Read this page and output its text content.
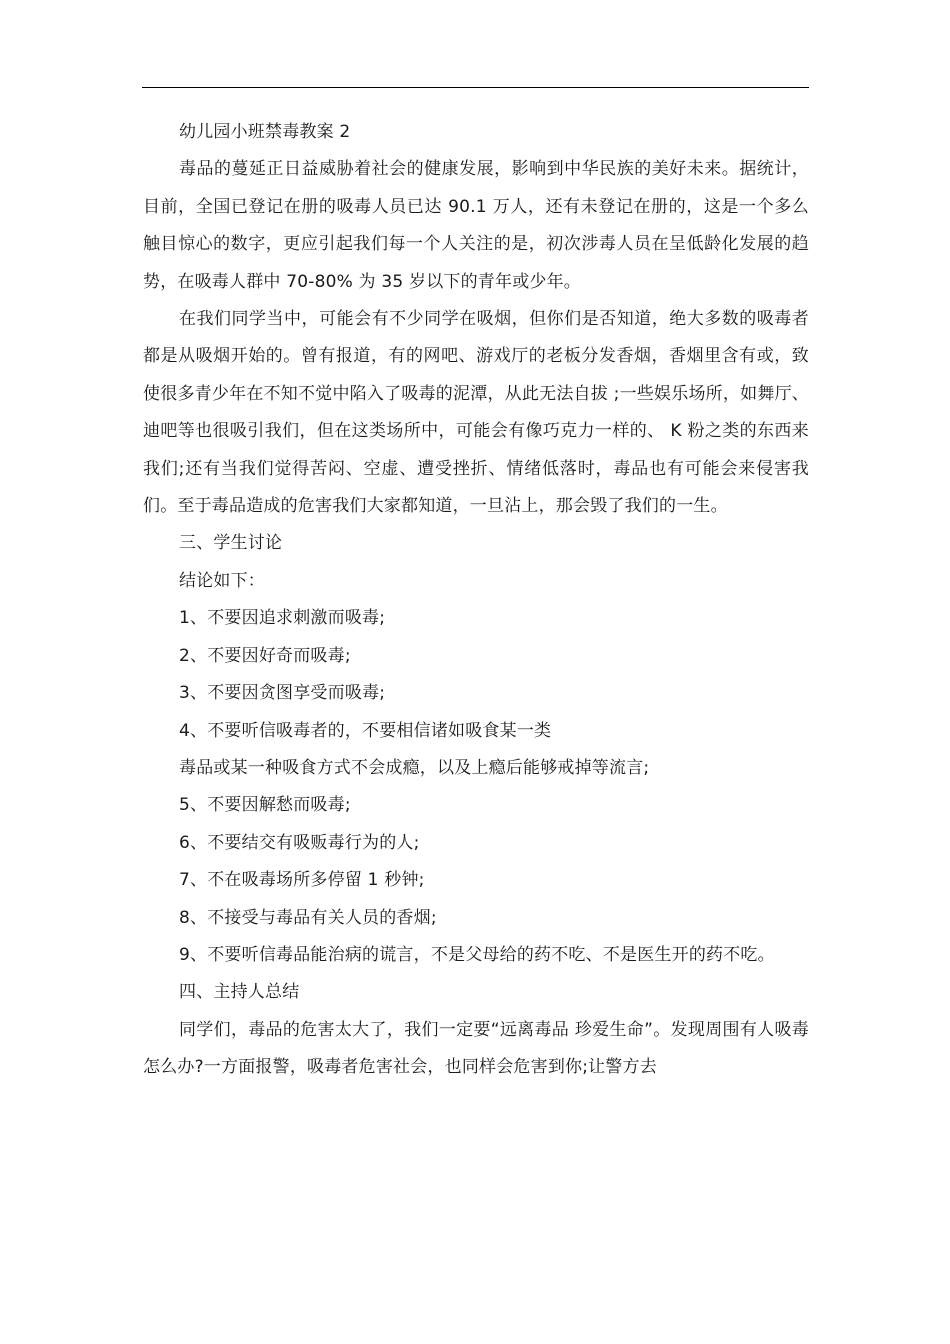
幼儿园小班禁毒教案 2

毒品的蔓延正日益威胁着社会的健康发展，影响到中华民族的美好未来。据统计，目前，全国已登记在册的吸毒人员已达 90.1 万人，还有未登记在册的，这是一个多么触目惊心的数字，更应引起我们每一个人关注的是，初次涉毒人员在呈低龄化发展的趋势，在吸毒人群中 70-80% 为 35 岁以下的青年或少年。

在我们同学当中，可能会有不少同学在吸烟，但你们是否知道，绝大多数的吸毒者都是从吸烟开始的。曾有报道，有的网吧、游戏厅的老板分发香烟，香烟里含有或，致使很多青少年在不知不觉中陷入了吸毒的泥潭，从此无法自拔 ;一些娱乐场所，如舞厅、迪吧等也很吸引我们，但在这类场所中，可能会有像巧克力一样的、 K 粉之类的东西来我们;还有当我们觉得苦闷、空虚、遭受挫折、情绪低落时，毒品也有可能会来侵害我们。至于毒品造成的危害我们大家都知道，一旦沾上，那会毁了我们的一生。

三、学生讨论

结论如下：

1、不要因追求刺激而吸毒;

2、不要因好奇而吸毒;

3、不要因贪图享受而吸毒;

4、不要听信吸毒者的，不要相信诸如吸食某一类

毒品或某一种吸食方式不会成瘾，以及上瘾后能够戒掉等流言;

5、不要因解愁而吸毒;

6、不要结交有吸贩毒行为的人;

7、不在吸毒场所多停留 1 秒钟;

8、不接受与毒品有关人员的香烟;

9、不要听信毒品能治病的谎言，不是父母给的药不吃、不是医生开的药不吃。

四、主持人总结

同学们，毒品的危害太大了，我们一定要“远离毒品 珍爱生命”。发现周围有人吸毒怎么办?一方面报警，吸毒者危害社会，也同样会危害到你;让警方去
